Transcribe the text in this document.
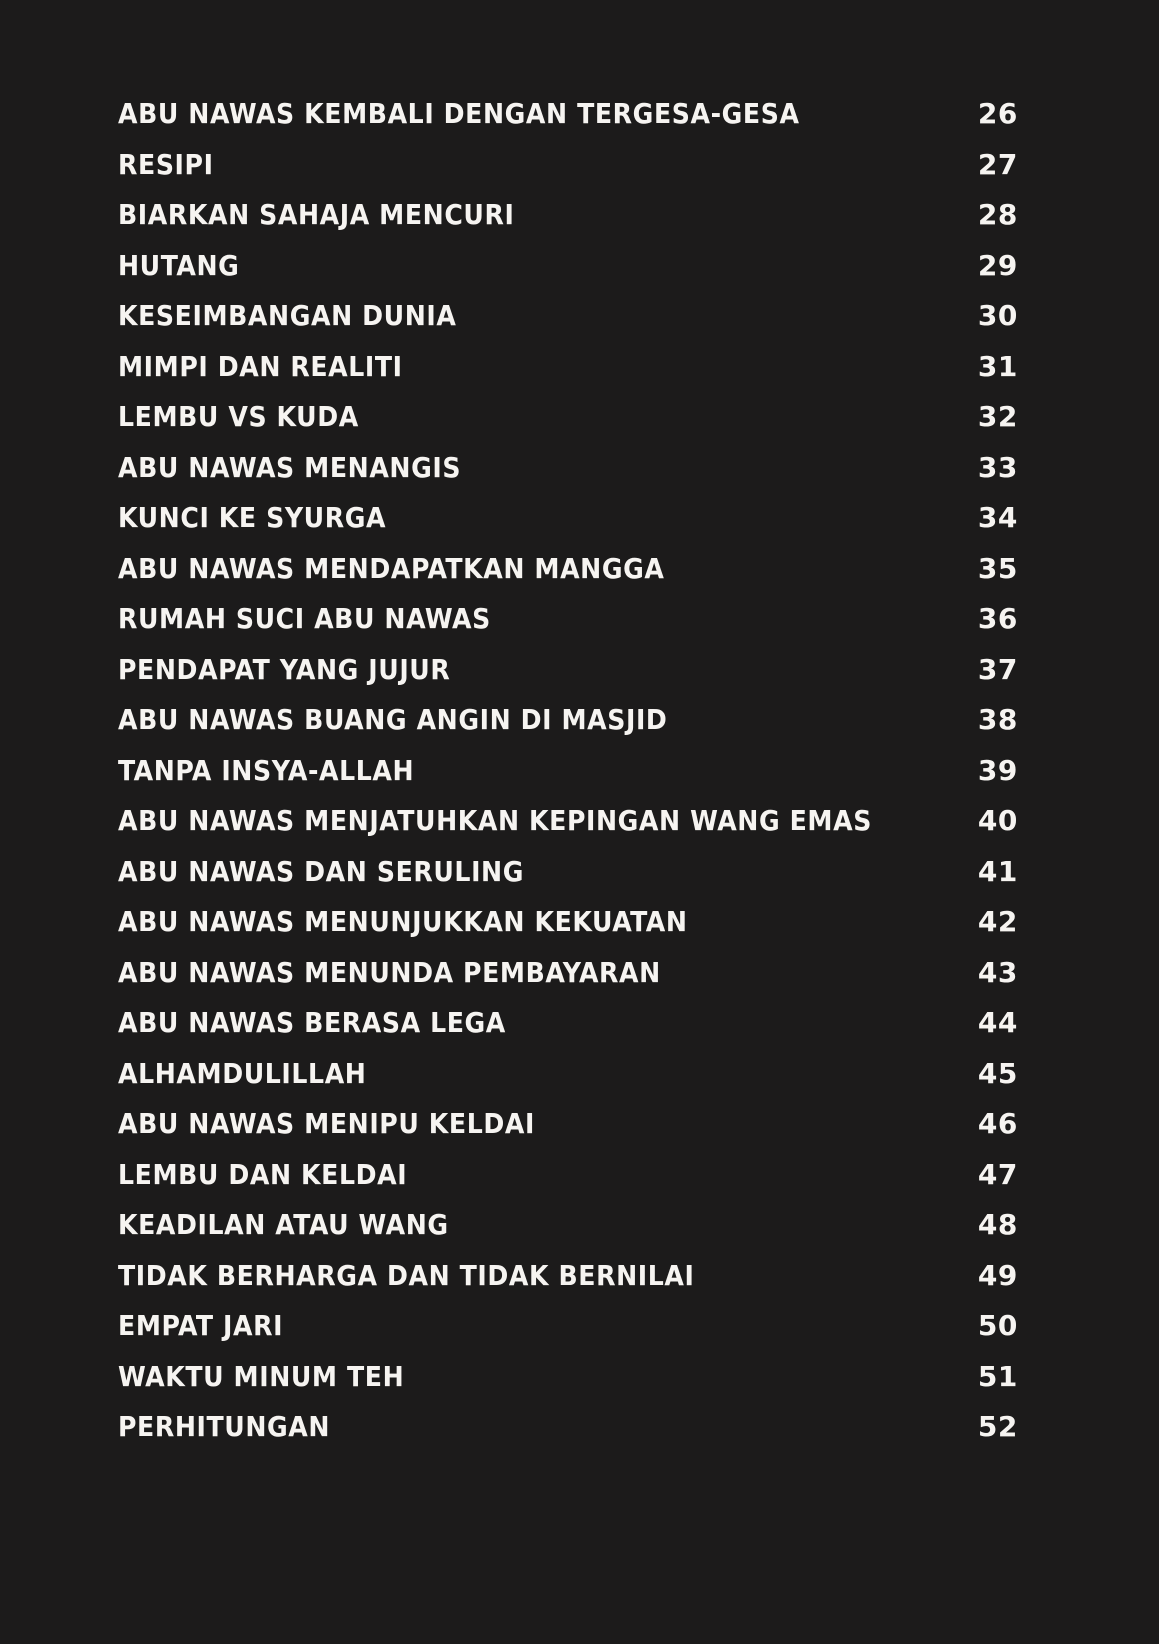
ABU NAWAS KEMBALI DENGAN TERGESA-GESA	26
RESIPI	27
BIARKAN SAHAJA MENCURI	28
HUTANG	29
KESEIMBANGAN DUNIA	30
MIMPI DAN REALITI	31
LEMBU VS KUDA	32
ABU NAWAS MENANGIS	33
KUNCI KE SYURGA	34
ABU NAWAS MENDAPATKAN MANGGA	35
RUMAH SUCI ABU NAWAS	36
PENDAPAT YANG JUJUR	37
ABU NAWAS BUANG ANGIN DI MASJID	38
TANPA INSYA-ALLAH	39
ABU NAWAS MENJATUHKAN KEPINGAN WANG EMAS	40
ABU NAWAS DAN SERULING	41
ABU NAWAS MENUNJUKKAN KEKUATAN	42
ABU NAWAS MENUNDA PEMBAYARAN	43
ABU NAWAS BERASA LEGA	44
ALHAMDULILLAH	45
ABU NAWAS MENIPU KELDAI	46
LEMBU DAN KELDAI	47
KEADILAN ATAU WANG	48
TIDAK BERHARGA DAN TIDAK BERNILAI	49
EMPAT JARI	50
WAKTU MINUM TEH	51
PERHITUNGAN	52
